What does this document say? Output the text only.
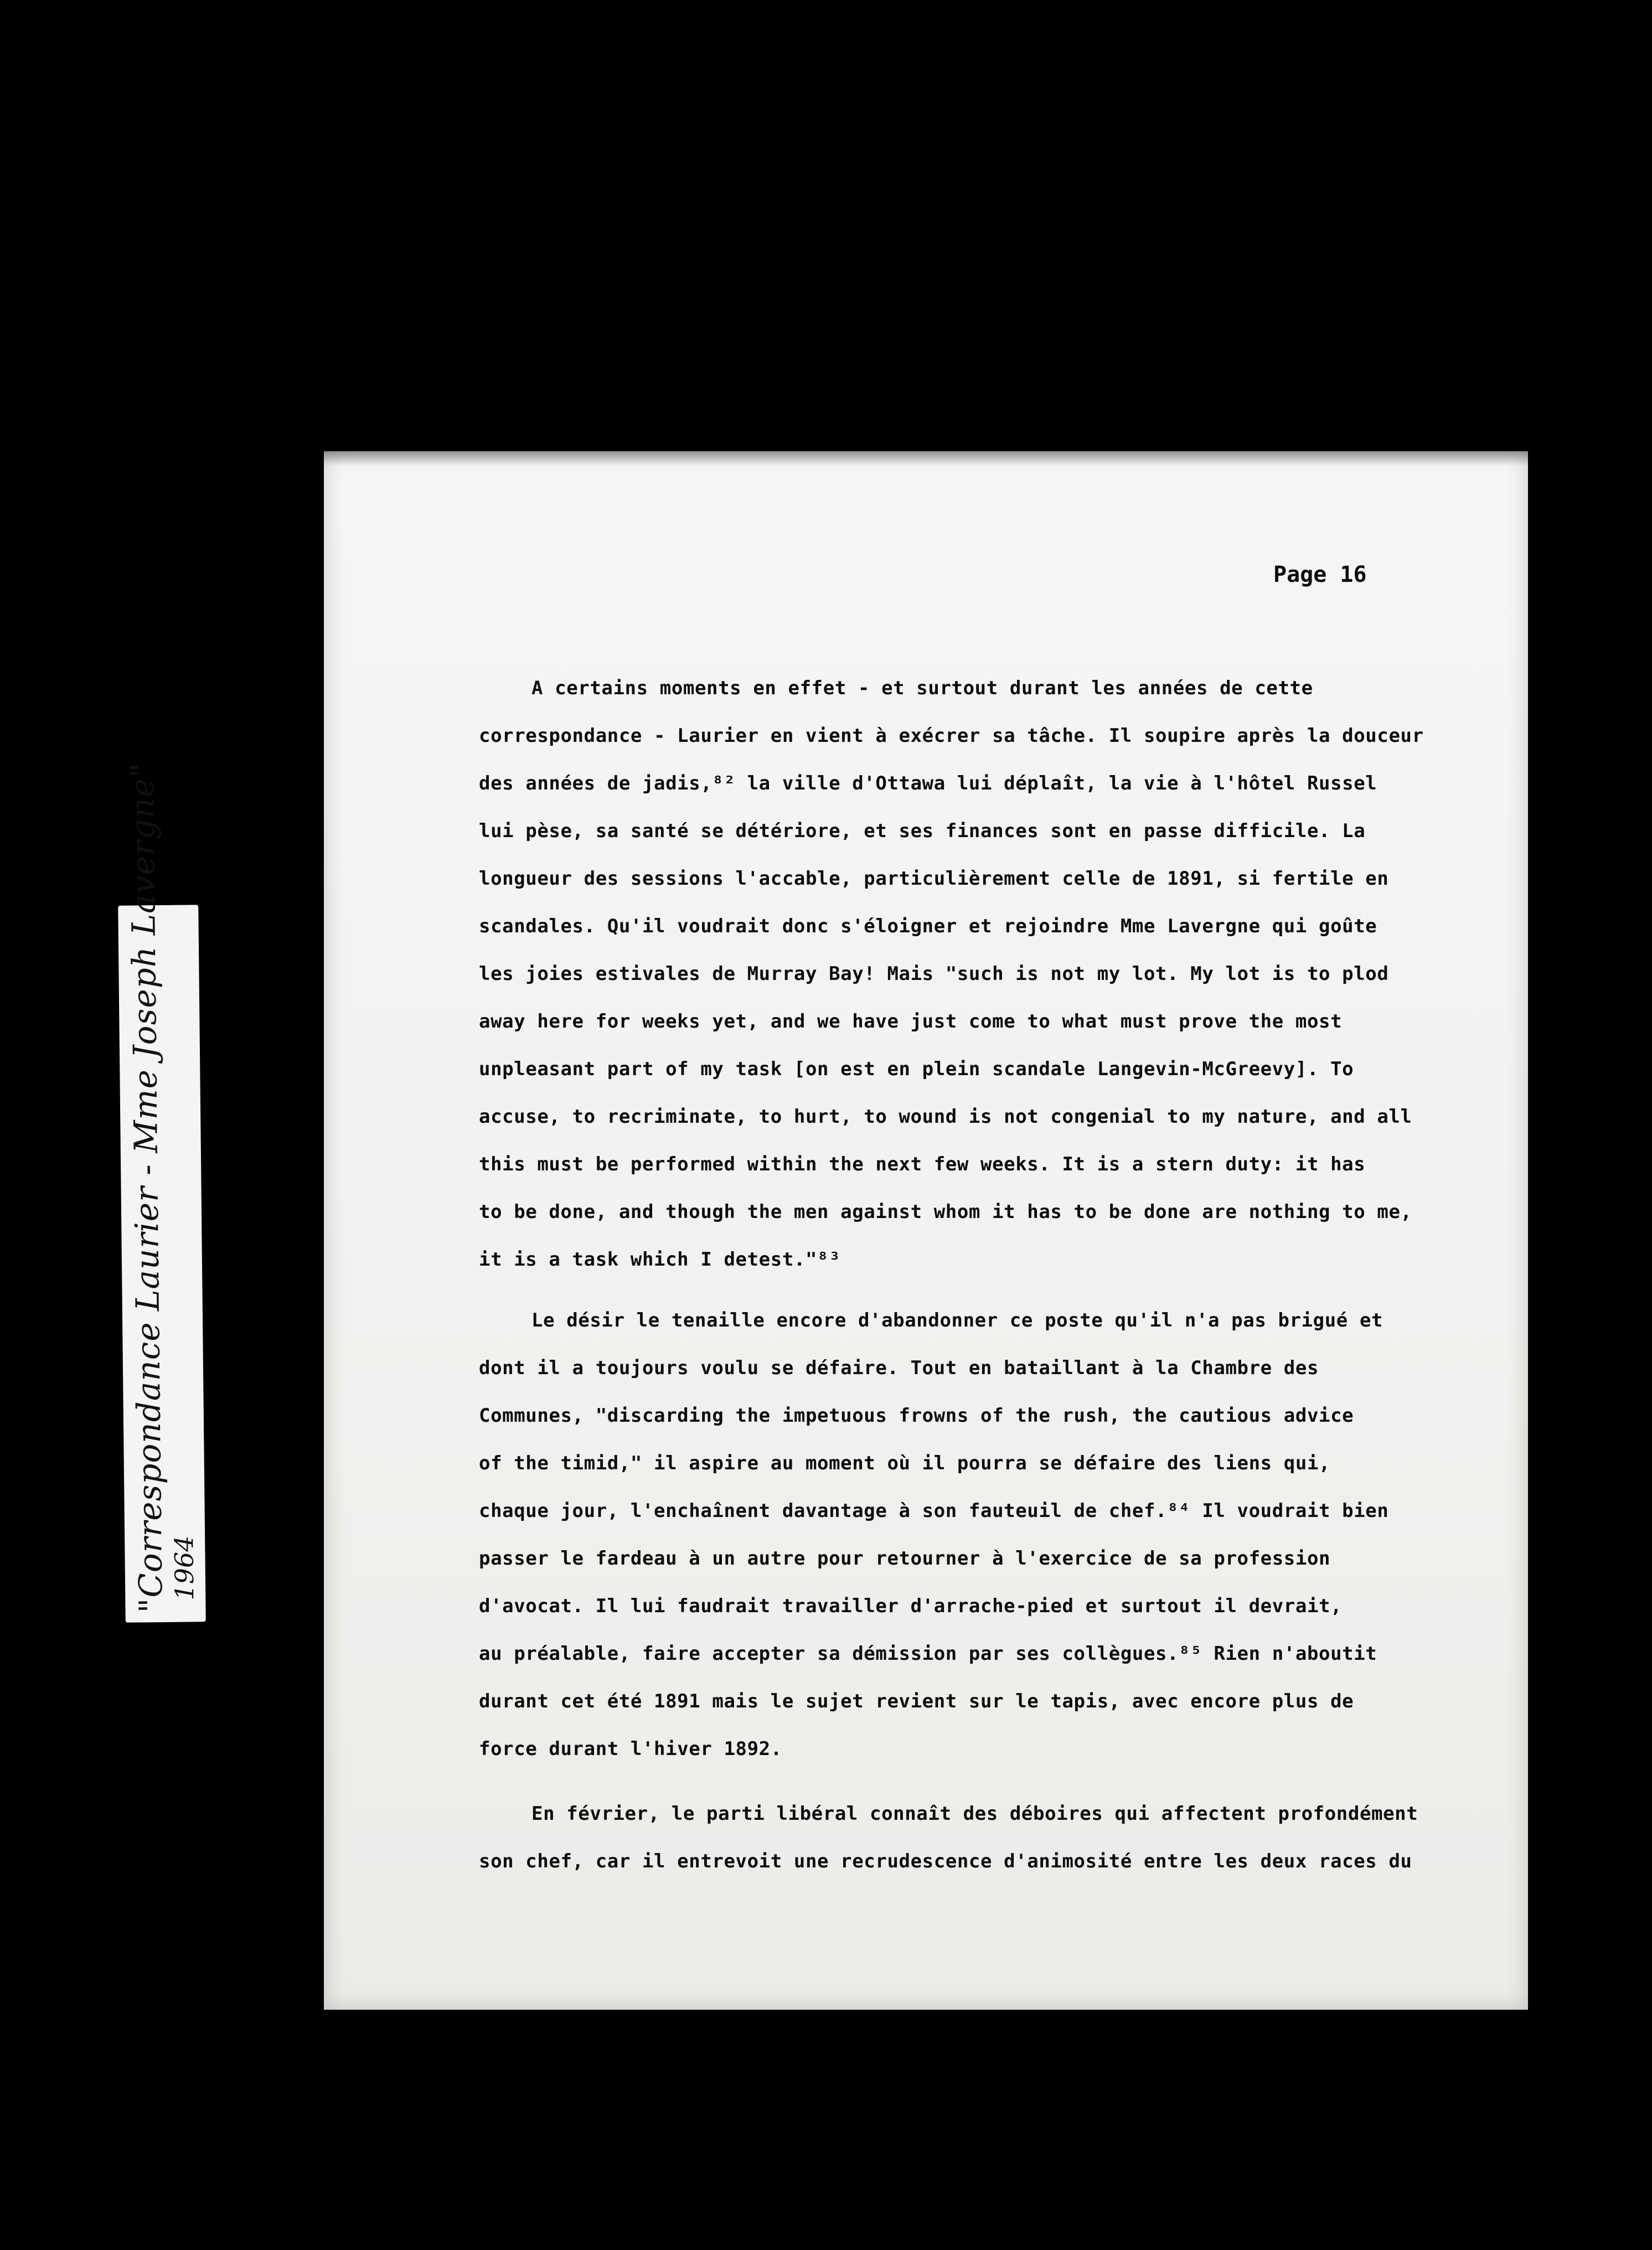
"Correspondance Laurier - Mme Joseph Lavergne"
1964
Page 16
A certains moments en effet - et surtout durant les années de cette
correspondance - Laurier en vient à exécrer sa tâche. Il soupire après la douceur
des années de jadis,⁸² la ville d'Ottawa lui déplaît, la vie à l'hôtel Russel
lui pèse, sa santé se détériore, et ses finances sont en passe difficile. La
longueur des sessions l'accable, particulièrement celle de 1891, si fertile en
scandales. Qu'il voudrait donc s'éloigner et rejoindre Mme Lavergne qui goûte
les joies estivales de Murray Bay! Mais "such is not my lot. My lot is to plod
away here for weeks yet, and we have just come to what must prove the most
unpleasant part of my task [on est en plein scandale Langevin-McGreevy]. To
accuse, to recriminate, to hurt, to wound is not congenial to my nature, and all
this must be performed within the next few weeks. It is a stern duty: it has
to be done, and though the men against whom it has to be done are nothing to me,
it is a task which I detest."⁸³
Le désir le tenaille encore d'abandonner ce poste qu'il n'a pas brigué et
dont il a toujours voulu se défaire. Tout en bataillant à la Chambre des
Communes, "discarding the impetuous frowns of the rush, the cautious advice
of the timid," il aspire au moment où il pourra se défaire des liens qui,
chaque jour, l'enchaînent davantage à son fauteuil de chef.⁸⁴ Il voudrait bien
passer le fardeau à un autre pour retourner à l'exercice de sa profession
d'avocat. Il lui faudrait travailler d'arrache-pied et surtout il devrait,
au préalable, faire accepter sa démission par ses collègues.⁸⁵ Rien n'aboutit
durant cet été 1891 mais le sujet revient sur le tapis, avec encore plus de
force durant l'hiver 1892.
En février, le parti libéral connaît des déboires qui affectent profondément
son chef, car il entrevoit une recrudescence d'animosité entre les deux races du
